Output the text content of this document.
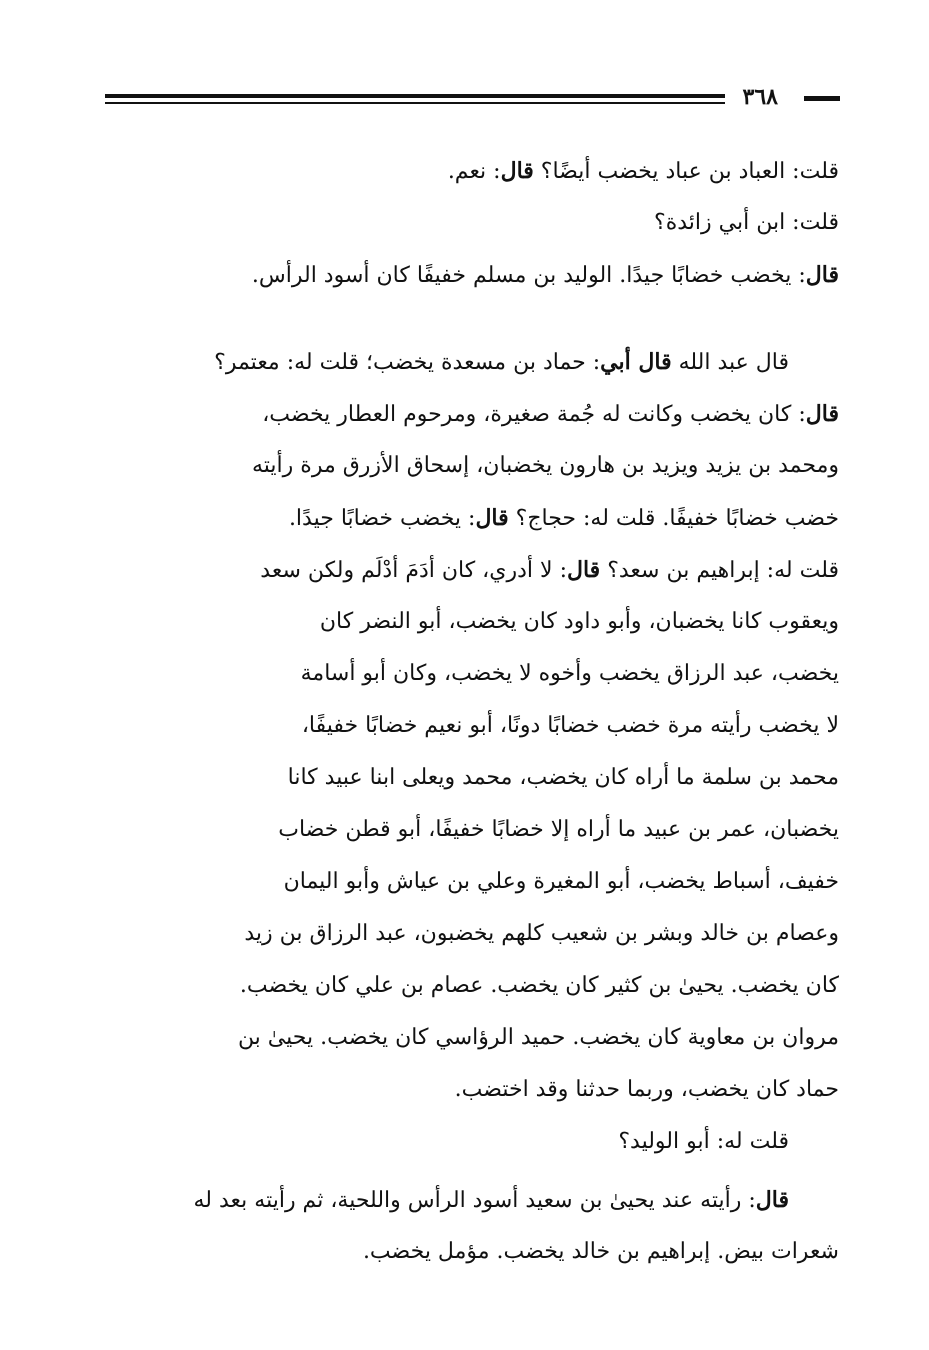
٣٦٨
قلت: العباد بن عباد يخضب أيضًا؟ قال: نعم.
قلت: ابن أبي زائدة؟
قال: يخضب خضابًا جيدًا. الوليد بن مسلم خفيفًا كان أسود الرأس.
قال عبد الله قال أبي: حماد بن مسعدة يخضب؛ قلت له: معتمر؟
قال: كان يخضب وكانت له جُمة صغيرة، ومرحوم العطار يخضب،
ومحمد بن يزيد ويزيد بن هارون يخضبان، إسحاق الأزرق مرة رأيته
خضب خضابًا خفيفًا. قلت له: حجاج؟ قال: يخضب خضابًا جيدًا.
قلت له: إبراهيم بن سعد؟ قال: لا أدري، كان أدَمَ أدْلَم ولكن سعد
ويعقوب كانا يخضبان، وأبو داود كان يخضب، أبو النضر كان
يخضب، عبد الرزاق يخضب وأخوه لا يخضب، وكان أبو أسامة
لا يخضب رأيته مرة خضب خضابًا دونًا، أبو نعيم خضابًا خفيفًا،
محمد بن سلمة ما أراه كان يخضب، محمد ويعلى ابنا عبيد كانا
يخضبان، عمر بن عبيد ما أراه إلا خضابًا خفيفًا، أبو قطن خضاب
خفيف، أسباط يخضب، أبو المغيرة وعلي بن عياش وأبو اليمان
وعصام بن خالد وبشر بن شعيب كلهم يخضبون، عبد الرزاق بن زيد
كان يخضب. يحيىٰ بن كثير كان يخضب. عصام بن علي كان يخضب.
مروان بن معاوية كان يخضب. حميد الرؤاسي كان يخضب. يحيىٰ بن
حماد كان يخضب، وربما حدثنا وقد اختضب.
قلت له: أبو الوليد؟
قال: رأيته عند يحيىٰ بن سعيد أسود الرأس واللحية، ثم رأيته بعد له
شعرات بيض. إبراهيم بن خالد يخضب. مؤمل يخضب.
